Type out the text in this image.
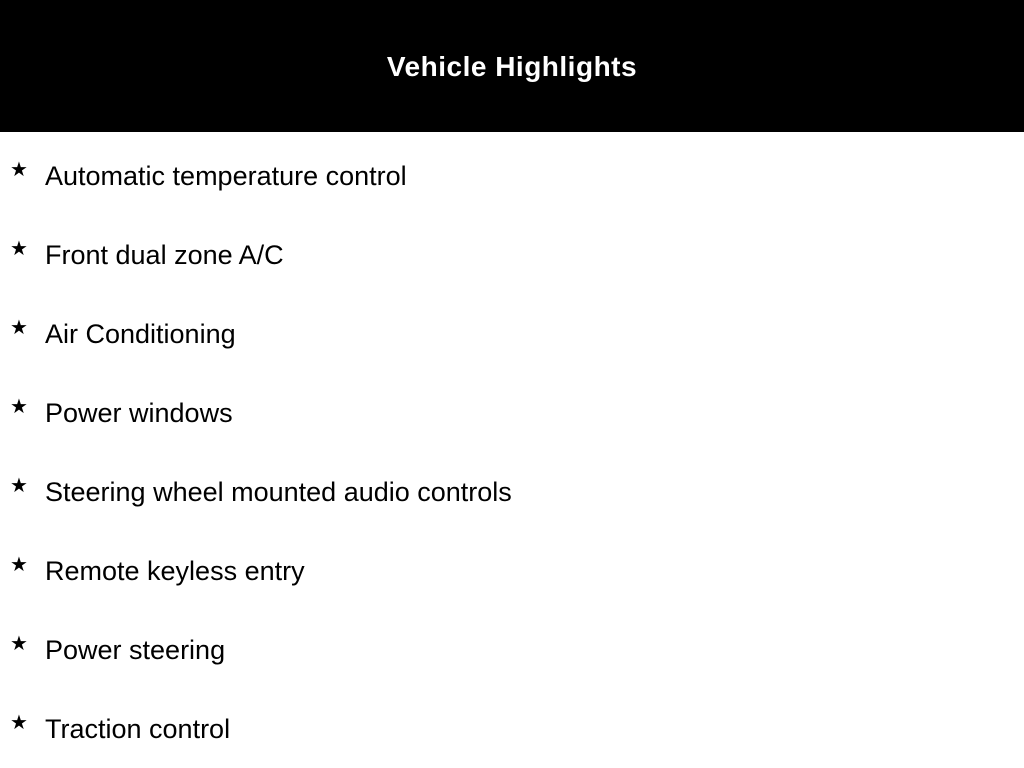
Vehicle Highlights
★ Automatic temperature control
★ Front dual zone A/C
★ Air Conditioning
★ Power windows
★ Steering wheel mounted audio controls
★ Remote keyless entry
★ Power steering
★ Traction control
